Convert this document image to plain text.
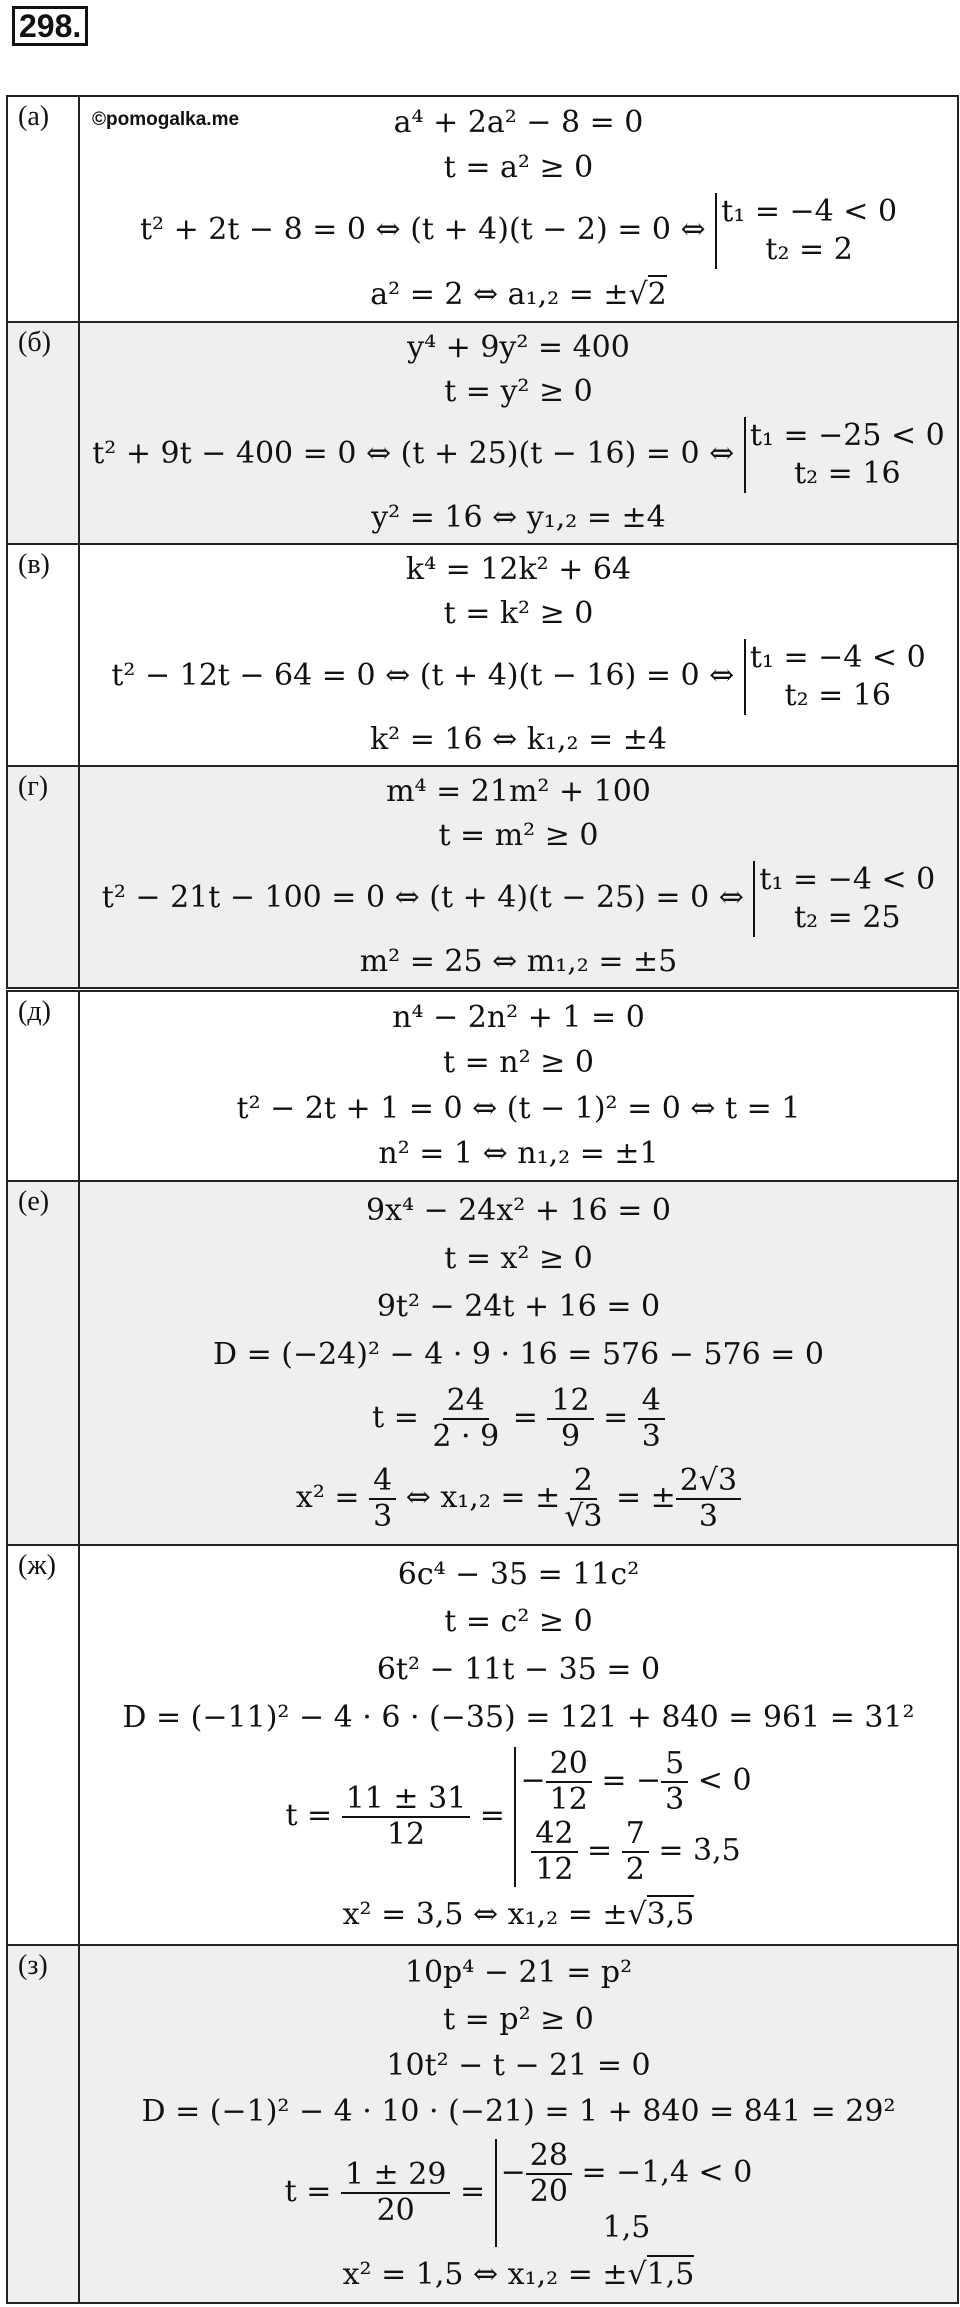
298.
(а)	©pomogalka.me	a⁴ + 2a² − 8 = 0
t = a² ≥ 0
t² + 2t − 8 = 0 ⇔ (t + 4)(t − 2) = 0 ⇔
t₁ = −4 < 0
t₂ = 2
a² = 2 ⇔ a₁,₂ = ±√2
(б)	y⁴ + 9y² = 400
t = y² ≥ 0
t² + 9t − 400 = 0 ⇔ (t + 25)(t − 16) = 0 ⇔
t₁ = −25 < 0
t₂ = 16
y² = 16 ⇔ y₁,₂ = ±4
(в)	k⁴ = 12k² + 64
t = k² ≥ 0
t² − 12t − 64 = 0 ⇔ (t + 4)(t − 16) = 0 ⇔
t₁ = −4 < 0
t₂ = 16
k² = 16 ⇔ k₁,₂ = ±4
(г)	m⁴ = 21m² + 100
t = m² ≥ 0
t² − 21t − 100 = 0 ⇔ (t + 4)(t − 25) = 0 ⇔
t₁ = −4 < 0
t₂ = 25
m² = 25 ⇔ m₁,₂ = ±5
(д)	n⁴ − 2n² + 1 = 0
t = n² ≥ 0
t² − 2t + 1 = 0 ⇔ (t − 1)² = 0 ⇔ t = 1
n² = 1 ⇔ n₁,₂ = ±1
(е)	9x⁴ − 24x² + 16 = 0
t = x² ≥ 0
9t² − 24t + 16 = 0
D = (−24)² − 4 · 9 · 16 = 576 − 576 = 0
$t = \frac{24}{2 \cdot 9} = \frac{12}{9} = \frac{4}{3}$
$x^2 = \frac{4}{3}$ ⇔ x₁,₂ = ± $\frac{2}{√3}$ = ± $\frac{2√3}{3}$
(ж)	6c⁴ − 35 = 11c²
t = c² ≥ 0
6t² − 11t − 35 = 0
D = (−11)² − 4 · 6 · (−35) = 121 + 840 = 961 = 31²
$t = \frac{11 \pm 31}{12}$ =
− $\frac{20}{12}$ = − $\frac{5}{3} < 0$
$\frac{42}{12} = \frac{7}{2} = 3,5$
x² = 3,5 ⇔ x₁,₂ = ±√3,5
(з)	10p⁴ − 21 = p²
t = p² ≥ 0
10t² − t − 21 = 0
D = (−1)² − 4 · 10 · (−21) = 1 + 840 = 841 = 29²
$t = \frac{1 \pm 29}{20}$ =
− $\frac{28}{20} = -1,4 < 0$
1,5
x² = 1,5 ⇔ x₁,₂ = ±√1,5
